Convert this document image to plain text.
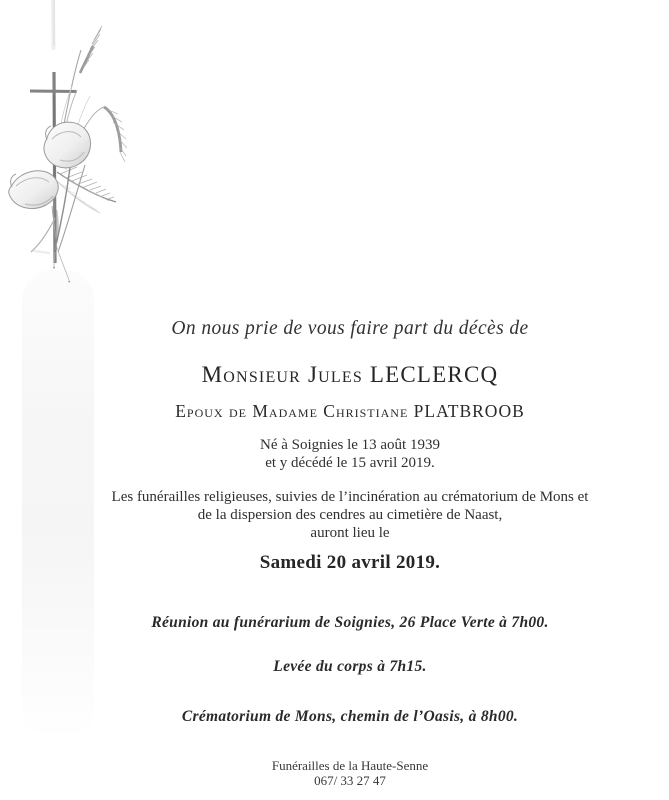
On nous prie de vous faire part du décès de
Monsieur Jules LECLERCQ
Epoux de Madame Christiane PLATBROOB
Né à Soignies le 13 août 1939
et y décédé le 15 avril 2019.
Les funérailles religieuses, suivies de l’incinération au crématorium de Mons et
de la dispersion des cendres au cimetière de Naast,
auront lieu le
Samedi 20 avril 2019.
Réunion au funérarium de Soignies, 26 Place Verte à 7h00.
Levée du corps à 7h15.
Crématorium de Mons, chemin de l’Oasis, à 8h00.
Funérailles de la Haute-Senne
067/ 33 27 47
